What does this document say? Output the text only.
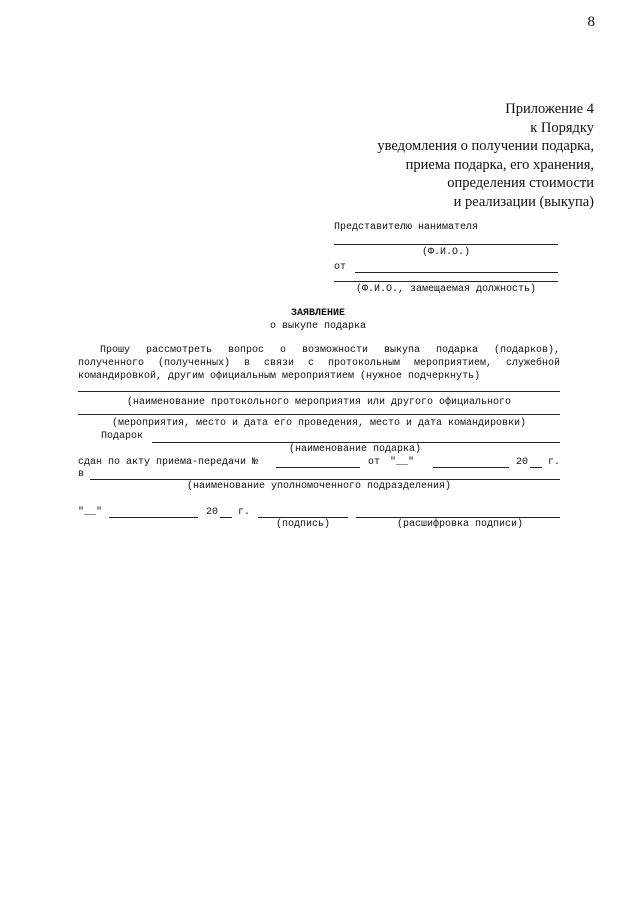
8
Приложение 4
к Порядку
уведомления о получении подарка,
приема подарка, его хранения,
определения стоимости
и реализации (выкупа)
Представителю нанимателя
(Ф.И.О.)
от
(Ф.И.О., замещаемая должность)
ЗАЯВЛЕНИЕ
о выкупе подарка
Прошу рассмотреть вопрос о возможности выкупа подарка (подарков),
полученного (полученных) в связи с протокольным мероприятием, служебной
командировкой, другим официальным мероприятием (нужное подчеркнуть)
(наименование протокольного мероприятия или другого официального
(мероприятия, место и дата его проведения, место и дата командировки)
Подарок
(наименование подарка)
сдан по акту приема-передачи №	от "__"	20 г.
в
(наименование уполномоченного подразделения)
"__"	20 г.
(подпись)	(расшифровка подписи)
